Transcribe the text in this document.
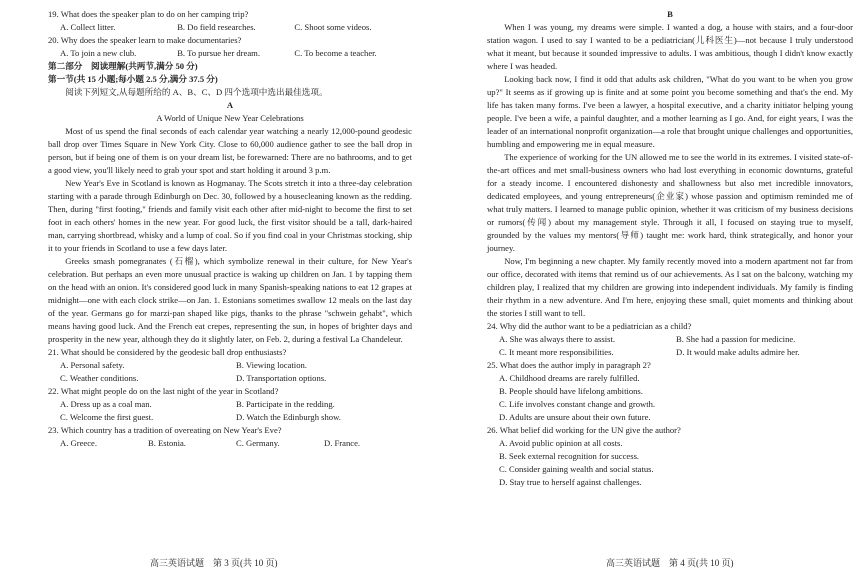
19. What does the speaker plan to do on her camping trip?

A. Collect litter.	B. Do field researches.	C. Shoot some videos.

20. Why does the speaker learn to make documentaries?

A. To join a new club.	B. To pursue her dream.	C. To become a teacher.

第二部分　阅读理解(共两节,满分 50 分)

第一节(共 15 小题;每小题 2.5 分,满分 37.5 分)

阅读下列短文,从每题所给的 A、B、C、D 四个选项中选出最佳选项。

A

A World of Unique New Year Celebrations

Most of us spend the final seconds of each calendar year watching a nearly 12,000-pound geodesic ball drop over Times Square in New York City. Close to 60,000 audience gather to see the ball drop in person, but if being one of them is on your dream list, be forewarned: There are no bathrooms, and to get a good view, you'll likely need to grab your spot and start holding it around 3 p.m.

New Year's Eve in Scotland is known as Hogmanay. The Scots stretch it into a three-day celebration starting with a parade through Edinburgh on Dec. 30, followed by a housecleaning known as the redding. Then, during "first footing," friends and family visit each other after mid-night to become the first to set foot in each others' homes in the new year. For good luck, the first visitor should be a tall, dark-haired man, carrying shortbread, whisky and a lump of coal. So if you find coal in your Christmas stocking, ship it to your friends in Scotland to use a few days later.

Greeks smash pomegranates (石榴), which symbolize renewal in their culture, for New Year's celebration. But perhaps an even more unusual practice is waking up children on Jan. 1 by tapping them on the head with an onion. It's considered good luck in many Spanish-speaking nations to eat 12 grapes at midnight—one with each clock strike—on Jan. 1. Estonians sometimes swallow 12 meals on the last day of the year. Germans go for marzi-pan shaped like pigs, thanks to the phrase "schwein gehabt", which means having good luck. And the French eat crepes, representing the sun, in hopes of brighter days and prosperity in the new year, although they do it slightly later, on Feb. 2, during a festival La Chandeleur.

21. What should be considered by the geodesic ball drop enthusiasts?

A. Personal safety.	B. Viewing location.
C. Weather conditions.	D. Transportation options.

22. What might people do on the last night of the year in Scotland?

A. Dress up as a coal man.	B. Participate in the redding.
C. Welcome the first guest.	D. Watch the Edinburgh show.

23. Which country has a tradition of overeating on New Year's Eve?

A. Greece.	B. Estonia.	C. Germany.	D. France.
高三英语试题　第 3 页(共 10 页)

B

When I was young, my dreams were simple. I wanted a dog, a house with stairs, and a four-door station wagon. I used to say I wanted to be a pediatrician(儿科医生)—not because I truly understood what it meant, but because it sounded impressive to adults. I was ambitious, though I didn't know exactly where I was headed.

Looking back now, I find it odd that adults ask children, "What do you want to be when you grow up?" It seems as if growing up is finite and at some point you become something and that's the end. My life has taken many forms. I've been a lawyer, a hospital executive, and a charity initiator helping young people. I've been a wife, a painful daughter, and a mother learning as I go. And, for eight years, I was the leader of an international nonprofit organization—a role that brought unique challenges and opportunities, humbling and empowering me in equal measure.

The experience of working for the UN allowed me to see the world in its extremes. I visited state-of-the-art offices and met small-business owners who had lost everything in economic downturns, grateful for a steady income. I encountered dishonesty and shallowness but also met incredible innovators, dedicated employees, and young entrepreneurs(企业家) whose passion and optimism reminded me of what truly matters. I learned to manage public opinion, whether it was criticism of my business decisions or rumors(传闻) about my management style. Through it all, I focused on staying true to myself, grounded by the values my mentors(导师) taught me: work hard, think strategically, and honor your journey.

Now, I'm beginning a new chapter. My family recently moved into a modern apartment not far from our office, decorated with items that remind us of our achievements. As I sat on the balcony, watching my children play, I realized that my children are growing into independent individuals. My family is finding their rhythm in a new adventure. And I'm here, enjoying these small, quiet moments and thinking about the stories I still want to tell.

24. Why did the author want to be a pediatrician as a child?

A. She was always there to assist.	B. She had a passion for medicine.
C. It meant more responsibilities.	D. It would make adults admire her.

25. What does the author imply in paragraph 2?

A. Childhood dreams are rarely fulfilled.

B. People should have lifelong ambitions.

C. Life involves constant change and growth.

D. Adults are unsure about their own future.

26. What belief did working for the UN give the author?

A. Avoid public opinion at all costs.

B. Seek external recognition for success.

C. Consider gaining wealth and social status.

D. Stay true to herself against challenges.

高三英语试题　第 4 页(共 10 页)
